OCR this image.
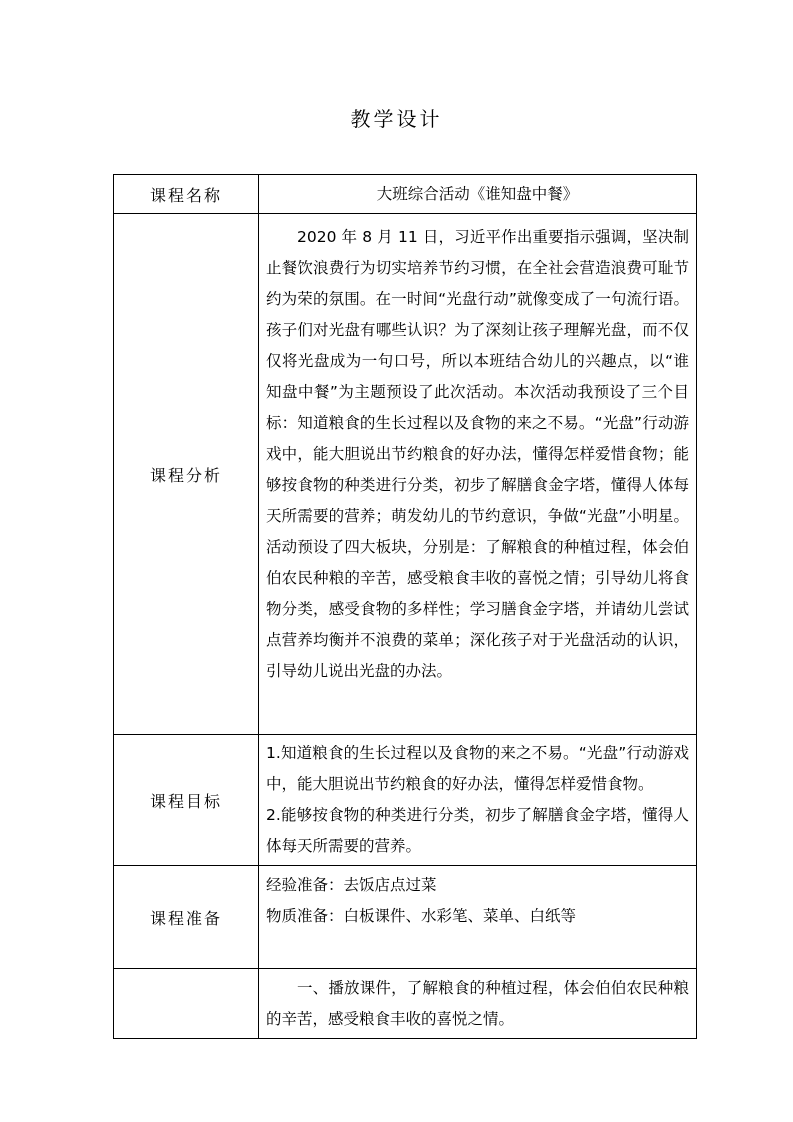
教学设计
课程名称	大班综合活动《谁知盘中餐》
课程分析	2020 年 8 月 11 日，习近平作出重要指示强调，坚决制止餐饮浪费行为切实培养节约习惯，在全社会营造浪费可耻节约为荣的氛围。在一时间“光盘行动”就像变成了一句流行语。孩子们对光盘有哪些认识？为了深刻让孩子理解光盘，而不仅仅将光盘成为一句口号，所以本班结合幼儿的兴趣点，以“谁知盘中餐”为主题预设了此次活动。本次活动我预设了三个目标：知道粮食的生长过程以及食物的来之不易。“光盘”行动游戏中，能大胆说出节约粮食的好办法，懂得怎样爱惜食物；能够按食物的种类进行分类，初步了解膳食金字塔，懂得人体每天所需要的营养；萌发幼儿的节约意识，争做“光盘”小明星。活动预设了四大板块，分别是：了解粮食的种植过程，体会伯伯农民种粮的辛苦，感受粮食丰收的喜悦之情；引导幼儿将食物分类，感受食物的多样性；学习膳食金字塔，并请幼儿尝试点营养均衡并不浪费的菜单；深化孩子对于光盘活动的认识，引导幼儿说出光盘的办法。

课程目标	1.知道粮食的生长过程以及食物的来之不易。“光盘”行动游戏中，能大胆说出节约粮食的好办法，懂得怎样爱惜食物。

2.能够按食物的种类进行分类，初步了解膳食金字塔，懂得人体每天所需要的营养。

课程准备	经验准备：去饭店点过菜

物质准备：白板课件、水彩笔、菜单、白纸等

	一、播放课件，了解粮食的种植过程，体会伯伯农民种粮的辛苦，感受粮食丰收的喜悦之情。
